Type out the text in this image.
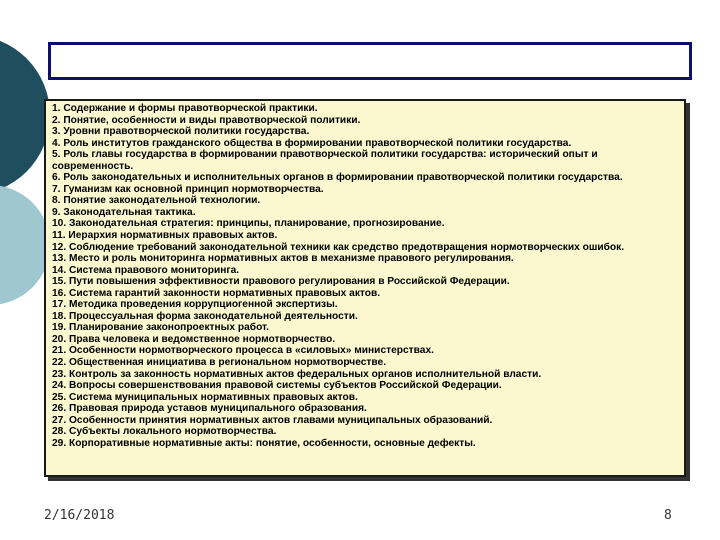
1. Содержание и формы правотворческой практики.
2. Понятие, особенности и виды правотворческой политики.
3. Уровни правотворческой политики государства.
4. Роль институтов гражданского общества в формировании правотворческой политики государства.
5. Роль главы государства в формировании правотворческой политики государства: исторический опыт и современность.
6. Роль законодательных и исполнительных органов в формировании правотворческой политики государства.
7. Гуманизм как основной принцип нормотворчества.
8. Понятие законодательной технологии.
9. Законодательная тактика.
10. Законодательная стратегия: принципы, планирование, прогнозирование.
11. Иерархия нормативных правовых актов.
12. Соблюдение требований законодательной техники как средство предотвращения нормотворческих ошибок.
13. Место и роль мониторинга нормативных актов в механизме правового регулирования.
14. Система правового мониторинга.
15. Пути повышения эффективности правового регулирования в Российской Федерации.
16. Система гарантий законности нормативных правовых актов.
17. Методика проведения коррупциогенной экспертизы.
18. Процессуальная форма законодательной деятельности.
19. Планирование законопроектных работ.
20. Права человека и ведомственное нормотворчество.
21. Особенности нормотворческого процесса в «силовых» министерствах.
22. Общественная инициатива в региональном нормотворчестве.
23. Контроль за законность нормативных актов федеральных органов исполнительной власти.
24. Вопросы совершенствования правовой системы субъектов Российской Федерации.
25. Система муниципальных нормативных правовых актов.
26. Правовая природа уставов муниципального образования.
27. Особенности принятия нормативных актов главами муниципальных образований.
28. Субъекты локального нормотворчества.
29. Корпоративные нормативные акты: понятие, особенности, основные дефекты.
2/16/2018	8
